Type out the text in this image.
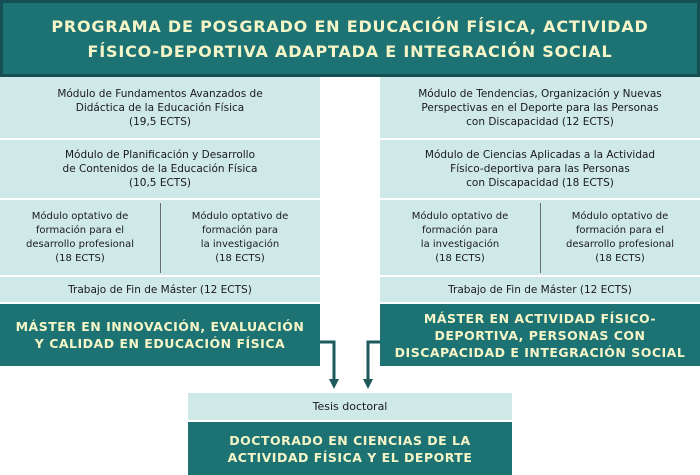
PROGRAMA DE POSGRADO EN EDUCACIÓN FÍSICA, ACTIVIDAD
FÍSICO-DEPORTIVA ADAPTADA E INTEGRACIÓN SOCIAL
Módulo de Fundamentos Avanzados de
Didáctica de la Educación Física
(19,5 ECTS)
Módulo de Planificación y Desarrollo
de Contenidos de la Educación Física
(10,5 ECTS)
Módulo optativo de
formación para el
desarrollo profesional
(18 ECTS)
Módulo optativo de
formación para
la investigación
(18 ECTS)
Trabajo de Fin de Máster (12 ECTS)
MÁSTER EN INNOVACIÓN, EVALUACIÓN
Y CALIDAD EN EDUCACIÓN FÍSICA
Módulo de Tendencias, Organización y Nuevas
Perspectivas en el Deporte para las Personas
con Discapacidad (12 ECTS)
Módulo de Ciencias Aplicadas a la Actividad
Físico-deportiva para las Personas
con Discapacidad (18 ECTS)
Módulo optativo de
formación para
la investigación
(18 ECTS)
Módulo optativo de
formación para el
desarrollo profesional
(18 ECTS)
Trabajo de Fin de Máster (12 ECTS)
MÁSTER EN ACTIVIDAD FÍSICO-
DEPORTIVA, PERSONAS CON
DISCAPACIDAD E INTEGRACIÓN SOCIAL
Tesis doctoral
DOCTORADO EN CIENCIAS DE LA
ACTIVIDAD FÍSICA Y EL DEPORTE
